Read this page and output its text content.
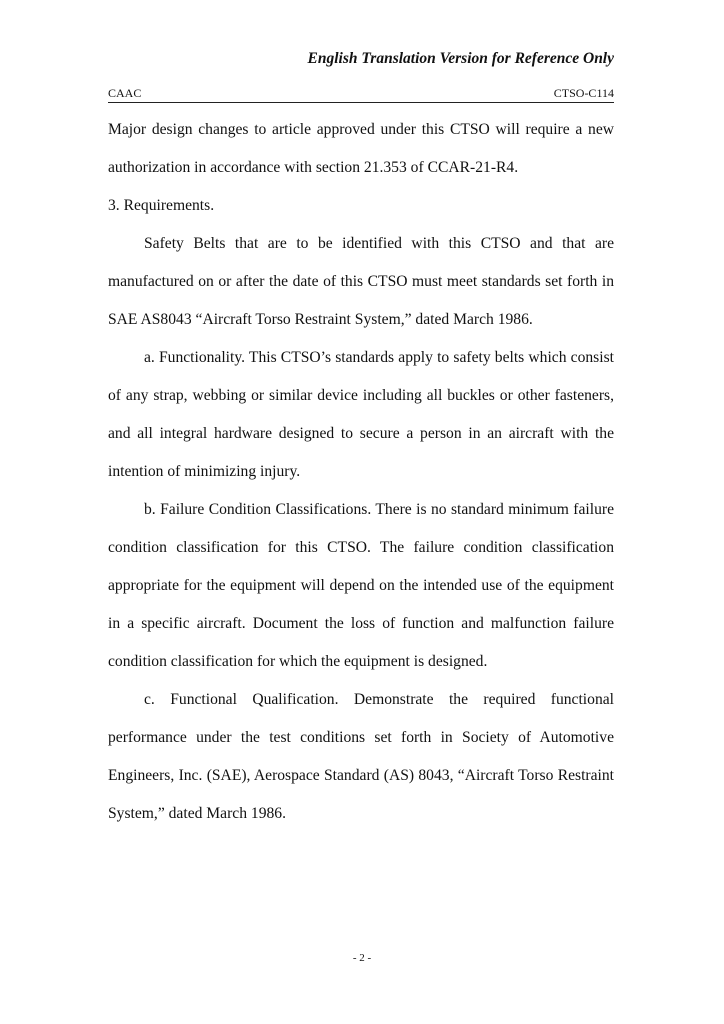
English Translation Version for Reference Only
CAAC	CTSO-C114

Major design changes to article approved under this CTSO will require a new authorization in accordance with section 21.353 of CCAR-21-R4.

3. Requirements.

Safety Belts that are to be identified with this CTSO and that are manufactured on or after the date of this CTSO must meet standards set forth in SAE AS8043 “Aircraft Torso Restraint System,” dated March 1986.

a. Functionality. This CTSO’s standards apply to safety belts which consist of any strap, webbing or similar device including all buckles or other fasteners, and all integral hardware designed to secure a person in an aircraft with the intention of minimizing injury.

b. Failure Condition Classifications. There is no standard minimum failure condition classification for this CTSO. The failure condition classification appropriate for the equipment will depend on the intended use of the equipment in a specific aircraft. Document the loss of function and malfunction failure condition classification for which the equipment is designed.

c. Functional Qualification. Demonstrate the required functional performance under the test conditions set forth in Society of Automotive Engineers, Inc. (SAE), Aerospace Standard (AS) 8043, “Aircraft Torso Restraint System,” dated March 1986.

- 2 -
